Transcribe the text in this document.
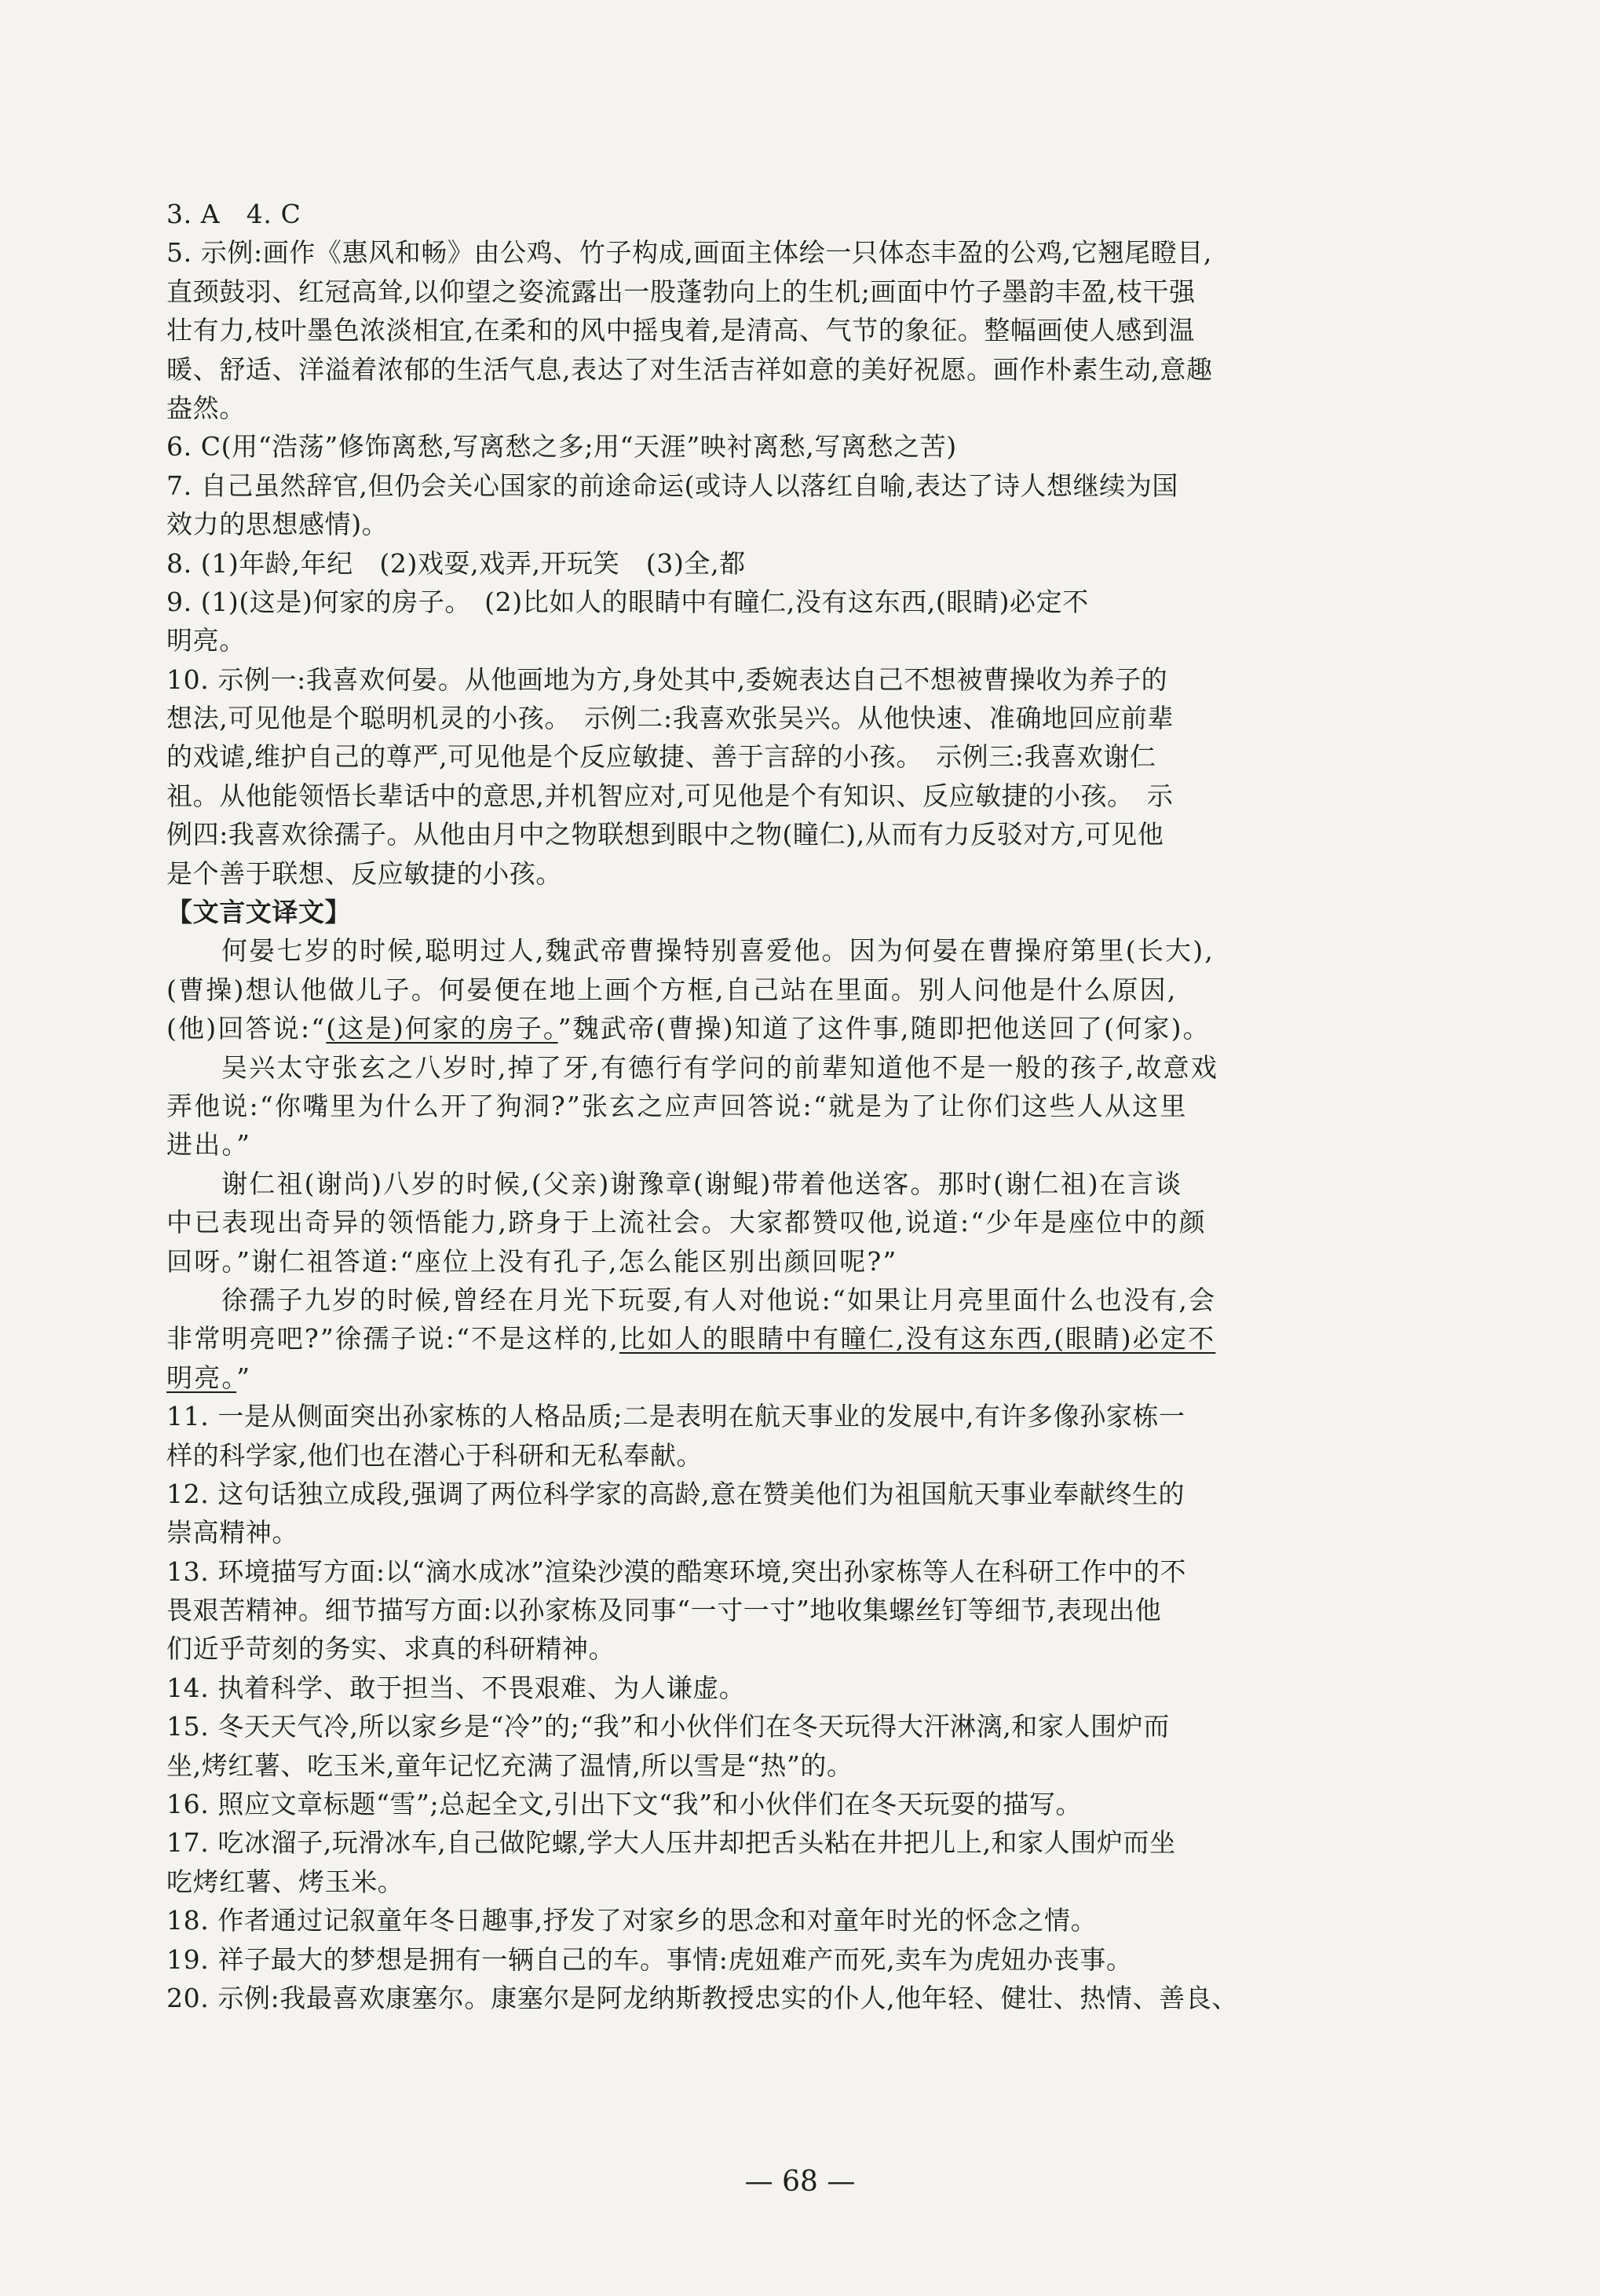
3. A　4. C
5. 示例:画作《惠风和畅》由公鸡、竹子构成,画面主体绘一只体态丰盈的公鸡,它翘尾瞪目,
直颈鼓羽、红冠高耸,以仰望之姿流露出一股蓬勃向上的生机;画面中竹子墨韵丰盈,枝干强
壮有力,枝叶墨色浓淡相宜,在柔和的风中摇曳着,是清高、气节的象征。整幅画使人感到温
暖、舒适、洋溢着浓郁的生活气息,表达了对生活吉祥如意的美好祝愿。画作朴素生动,意趣
盎然。
6. C(用“浩荡”修饰离愁,写离愁之多;用“天涯”映衬离愁,写离愁之苦)
7. 自己虽然辞官,但仍会关心国家的前途命运(或诗人以落红自喻,表达了诗人想继续为国
效力的思想感情)。
8. (1)年龄,年纪　(2)戏耍,戏弄,开玩笑　(3)全,都
9. (1)(这是)何家的房子。　(2)比如人的眼睛中有瞳仁,没有这东西,(眼睛)必定不
明亮。
10. 示例一:我喜欢何晏。从他画地为方,身处其中,委婉表达自己不想被曹操收为养子的
想法,可见他是个聪明机灵的小孩。　示例二:我喜欢张吴兴。从他快速、准确地回应前辈
的戏谑,维护自己的尊严,可见他是个反应敏捷、善于言辞的小孩。　示例三:我喜欢谢仁
祖。从他能领悟长辈话中的意思,并机智应对,可见他是个有知识、反应敏捷的小孩。　示
例四:我喜欢徐孺子。从他由月中之物联想到眼中之物(瞳仁),从而有力反驳对方,可见他
是个善于联想、反应敏捷的小孩。
【文言文译文】
何晏七岁的时候,聪明过人,魏武帝曹操特别喜爱他。因为何晏在曹操府第里(长大),
(曹操)想认他做儿子。何晏便在地上画个方框,自己站在里面。别人问他是什么原因,
(他)回答说:“(这是)何家的房子。”魏武帝(曹操)知道了这件事,随即把他送回了(何家)。
吴兴太守张玄之八岁时,掉了牙,有德行有学问的前辈知道他不是一般的孩子,故意戏
弄他说:“你嘴里为什么开了狗洞?”张玄之应声回答说:“就是为了让你们这些人从这里
进出。”
谢仁祖(谢尚)八岁的时候,(父亲)谢豫章(谢鲲)带着他送客。那时(谢仁祖)在言谈
中已表现出奇异的领悟能力,跻身于上流社会。大家都赞叹他,说道:“少年是座位中的颜
回呀。”谢仁祖答道:“座位上没有孔子,怎么能区别出颜回呢?”
徐孺子九岁的时候,曾经在月光下玩耍,有人对他说:“如果让月亮里面什么也没有,会
非常明亮吧?”徐孺子说:“不是这样的,比如人的眼睛中有瞳仁,没有这东西,(眼睛)必定不
明亮。”
11. 一是从侧面突出孙家栋的人格品质;二是表明在航天事业的发展中,有许多像孙家栋一
样的科学家,他们也在潜心于科研和无私奉献。
12. 这句话独立成段,强调了两位科学家的高龄,意在赞美他们为祖国航天事业奉献终生的
崇高精神。
13. 环境描写方面:以“滴水成冰”渲染沙漠的酷寒环境,突出孙家栋等人在科研工作中的不
畏艰苦精神。细节描写方面:以孙家栋及同事“一寸一寸”地收集螺丝钉等细节,表现出他
们近乎苛刻的务实、求真的科研精神。
14. 执着科学、敢于担当、不畏艰难、为人谦虚。
15. 冬天天气冷,所以家乡是“冷”的;“我”和小伙伴们在冬天玩得大汗淋漓,和家人围炉而
坐,烤红薯、吃玉米,童年记忆充满了温情,所以雪是“热”的。
16. 照应文章标题“雪”;总起全文,引出下文“我”和小伙伴们在冬天玩耍的描写。
17. 吃冰溜子,玩滑冰车,自己做陀螺,学大人压井却把舌头粘在井把儿上,和家人围炉而坐
吃烤红薯、烤玉米。
18. 作者通过记叙童年冬日趣事,抒发了对家乡的思念和对童年时光的怀念之情。
19. 祥子最大的梦想是拥有一辆自己的车。事情:虎妞难产而死,卖车为虎妞办丧事。
20. 示例:我最喜欢康塞尔。康塞尔是阿龙纳斯教授忠实的仆人,他年轻、健壮、热情、善良、
— 68 —
